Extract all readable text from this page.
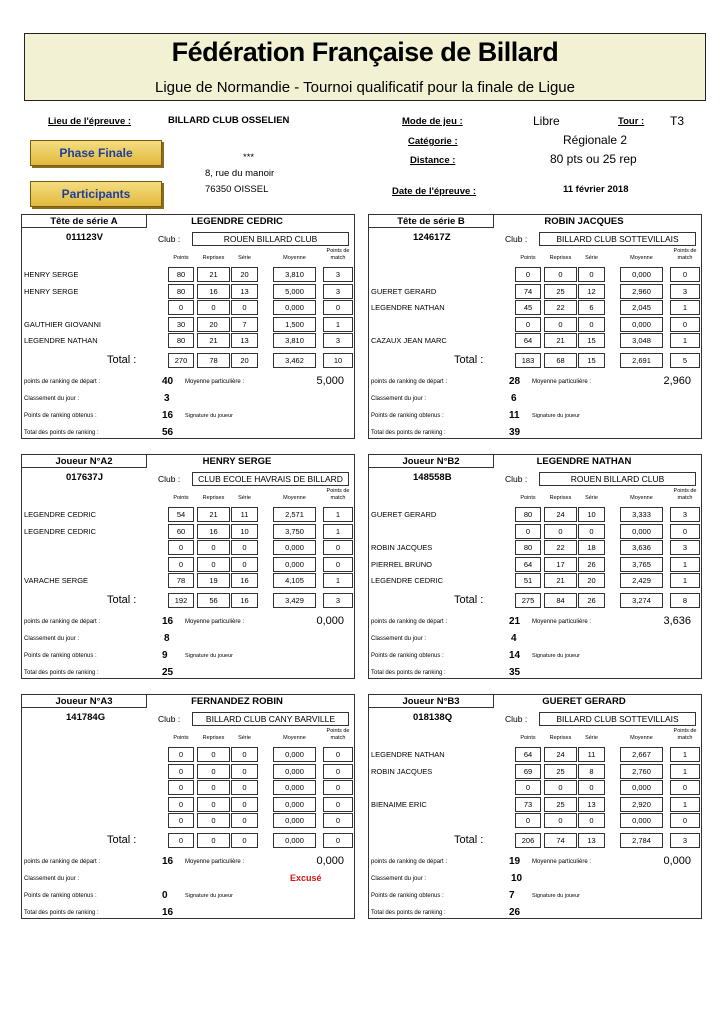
Fédération Française de Billard
Ligue de Normandie - Tournoi qualificatif pour la finale de Ligue
Lieu de l'épreuve :	BILLARD CLUB OSSELIEN
***
8, rue du manoir
76350 OISSEL
Mode de jeu :	Libre	Tour : T3
Catégorie :	Régionale 2
Distance :	80 pts ou 25 rep
Date de l'épreuve :	11 février 2018
Phase Finale
Participants
Tête de série A	LEGENDRE CEDRIC
011123V	Club :	ROUEN BILLARD CLUB
Points	Reprises	Série	Moyenne
Points de match
HENRY SERGE	80	21	20	3,810	3
HENRY SERGE	80	16	13	5,000	3
0	0	0	0,000	0
GAUTHIER GIOVANNI	30	20	7	1,500	1
LEGENDRE NATHAN	80	21	13	3,810	3
Total :	270	78	20	3,462	10
points de ranking de départ :	40 Moyenne particulière :	5,000
Classement du jour :	3
Points de ranking obtenus :	16 Signature du joueur
Total des points de ranking :	56
Tête de série B	ROBIN JACQUES
124617Z	Club :	BILLARD CLUB SOTTEVILLAIS
Points	Reprises	Série	Moyenne
Points de match
0	0	0	0,000	0
GUERET GERARD	74	25	12	2,960	3
LEGENDRE NATHAN	45	22	6	2,045	1
0	0	0	0,000	0
CAZAUX JEAN MARC	64	21	15	3,048	1
Total :	183	68	15	2,691	5
points de ranking de départ :	28 Moyenne particulière :	2,960
Classement du jour :	6
Points de ranking obtenus :	11 Signature du joueur
Total des points de ranking :	39
Joueur N°A2	HENRY SERGE
017637J	Club :	CLUB ECOLE HAVRAIS DE BILLARD
Points	Reprises	Série	Moyenne
Points de match
LEGENDRE CEDRIC	54	21	11	2,571	1
LEGENDRE CEDRIC	60	16	10	3,750	1
0	0	0	0,000	0
0	0	0	0,000	0
VARACHE SERGE	78	19	16	4,105	1
Total :	192	56	16	3,429	3
points de ranking de départ :	16 Moyenne particulière :	0,000
Classement du jour :	8
Points de ranking obtenus :	9	Signature du joueur
Total des points de ranking :	25
Joueur N°B2	LEGENDRE NATHAN
148558B	Club :	ROUEN BILLARD CLUB
Points	Reprises	Série	Moyenne
Points de match
GUERET GERARD	80	24	10	3,333	3
0	0	0	0,000	0
ROBIN JACQUES	80	22	18	3,636	3
PIERREL BRUNO	64	17	26	3,765	1
LEGENDRE CEDRIC	51	21	20	2,429	1
Total :	275	84	26	3,274	8
points de ranking de départ :	21 Moyenne particulière :	3,636
Classement du jour :	4
Points de ranking obtenus :	14 Signature du joueur
Total des points de ranking :	35
Joueur N°A3	FERNANDEZ ROBIN
141784G	Club :	BILLARD CLUB CANY BARVILLE
Points	Reprises	Série	Moyenne
Points de match
0	0	0	0,000	0
0	0	0	0,000	0
0	0	0	0,000	0
0	0	0	0,000	0
0	0	0	0,000	0
Total :	0	0	0	0,000	0
points de ranking de départ :	16 Moyenne particulière :	0,000
Classement du jour :	Excusé
Points de ranking obtenus :	0	Signature du joueur
Total des points de ranking :	16
Joueur N°B3	GUERET GERARD
018138Q	Club :	BILLARD CLUB SOTTEVILLAIS
Points	Reprises	Série	Moyenne
Points de match
LEGENDRE NATHAN	64	24	11	2,667	1
ROBIN JACQUES	69	25	8	2,760	1
0	0	0	0,000	0
BIENAIME ERIC	73	25	13	2,920	1
0	0	0	0,000	0
Total :	206	74	13	2,784	3
points de ranking de départ :	19 Moyenne particulière :	0,000
Classement du jour :	10
Points de ranking obtenus :	7	Signature du joueur
Total des points de ranking :	26
